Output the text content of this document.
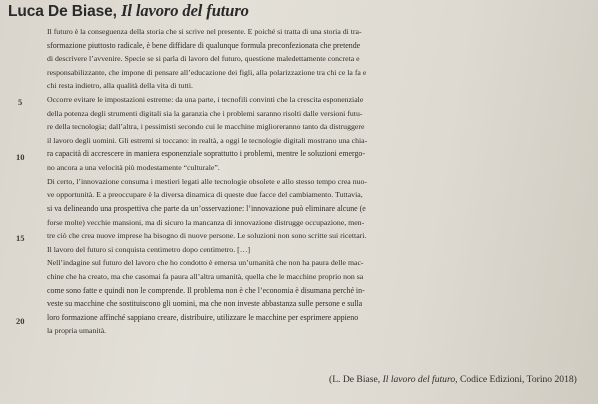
Luca De Biase, Il lavoro del futuro
5
10
15
20
Il futuro è la conseguenza della storia che si scrive nel presente. E poiché si tratta di una storia di tra-
sformazione piuttosto radicale, è bene diffidare di qualunque formula preconfezionata che pretende
di descrivere l’avvenire. Specie se si parla di lavoro del futuro, questione maledettamente concreta e
responsabilizzante, che impone di pensare all’educazione dei figli, alla polarizzazione tra chi ce la fa e
chi resta indietro, alla qualità della vita di tutti.
Occorre evitare le impostazioni estreme: da una parte, i tecnofili convinti che la crescita esponenziale
della potenza degli strumenti digitali sia la garanzia che i problemi saranno risolti dalle versioni futu-
re della tecnologia; dall’altra, i pessimisti secondo cui le macchine miglioreranno tanto da distruggere
il lavoro degli uomini. Gli estremi si toccano: in realtà, a oggi le tecnologie digitali mostrano una chia-
ra capacità di accrescere in maniera esponenziale soprattutto i problemi, mentre le soluzioni emergo-
no ancora a una velocità più modestamente “culturale”.
Di certo, l’innovazione consuma i mestieri legati alle tecnologie obsolete e allo stesso tempo crea nuo-
ve opportunità. E a preoccupare è la diversa dinamica di queste due facce del cambiamento. Tuttavia,
si va delineando una prospettiva che parte da un’osservazione: l’innovazione può eliminare alcune (e
forse molte) vecchie mansioni, ma di sicuro la mancanza di innovazione distrugge occupazione, men-
tre ciò che crea nuove imprese ha bisogno di nuove persone. Le soluzioni non sono scritte sui ricettari.
Il lavoro del futuro si conquista centimetro dopo centimetro. […]
Nell’indagine sul futuro del lavoro che ho condotto è emersa un’umanità che non ha paura delle mac-
chine che ha creato, ma che casomai fa paura all’altra umanità, quella che le macchine proprio non sa
come sono fatte e quindi non le comprende. Il problema non è che l’economia è disumana perché in-
veste su macchine che sostituiscono gli uomini, ma che non investe abbastanza sulle persone e sulla
loro formazione affinché sappiano creare, distribuire, utilizzare le macchine per esprimere appieno
la propria umanità.
(L. De Biase, Il lavoro del futuro, Codice Edizioni, Torino 2018)
